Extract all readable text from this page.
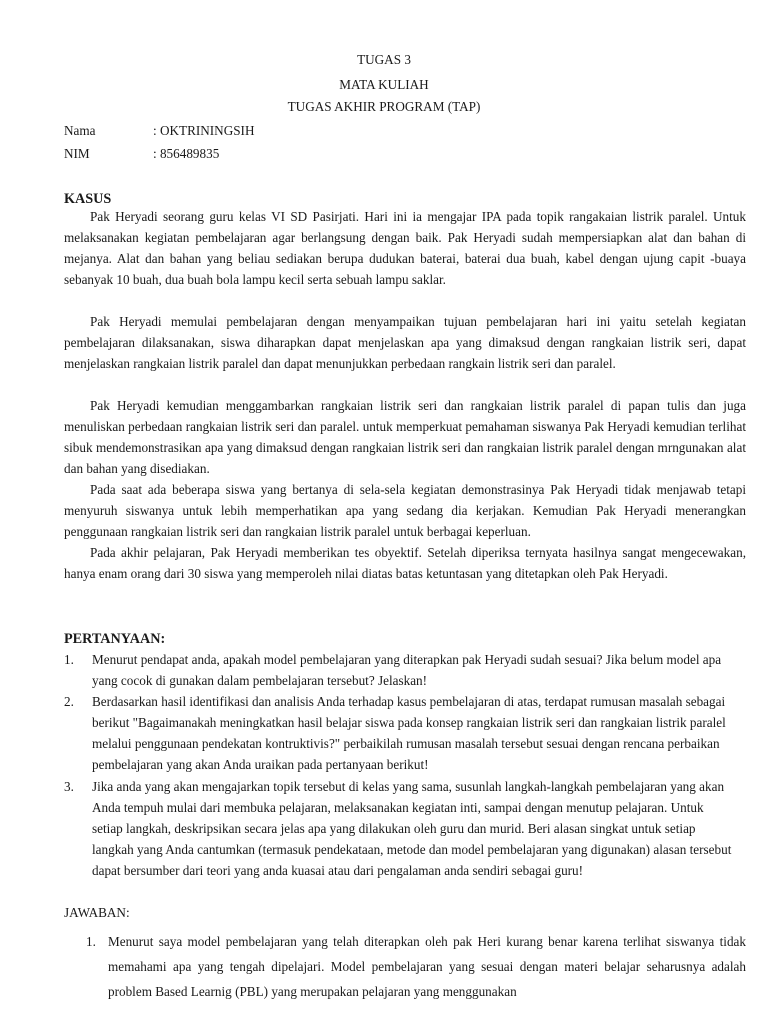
TUGAS 3
MATA KULIAH
TUGAS AKHIR PROGRAM (TAP)
Nama	: OKTRININGSIH
NIM	: 856489835
KASUS

Pak Heryadi seorang guru kelas VI SD Pasirjati. Hari ini ia mengajar IPA pada topik rangakaian listrik paralel. Untuk melaksanakan kegiatan pembelajaran agar berlangsung dengan baik. Pak Heryadi sudah mempersiapkan alat dan bahan di mejanya. Alat dan bahan yang beliau sediakan berupa dudukan baterai, baterai dua buah, kabel dengan ujung capit -buaya sebanyak 10 buah, dua buah bola lampu kecil serta sebuah lampu saklar.

Pak Heryadi memulai pembelajaran dengan menyampaikan tujuan pembelajaran hari ini yaitu setelah kegiatan pembelajaran dilaksanakan, siswa diharapkan dapat menjelaskan apa yang dimaksud dengan rangkaian listrik seri, dapat menjelaskan rangkaian listrik paralel dan dapat menunjukkan perbedaan rangkain listrik seri dan paralel.

Pak Heryadi kemudian menggambarkan rangkaian listrik seri dan rangkaian listrik paralel di papan tulis dan juga menuliskan perbedaan rangkaian listrik seri dan paralel. untuk memperkuat pemahaman siswanya Pak Heryadi kemudian terlihat sibuk mendemonstrasikan apa yang dimaksud dengan rangkaian listrik seri dan rangkaian listrik paralel dengan mrngunakan alat dan bahan yang disediakan.

Pada saat ada beberapa siswa yang bertanya di sela-sela kegiatan demonstrasinya Pak Heryadi tidak menjawab tetapi menyuruh siswanya untuk lebih memperhatikan apa yang sedang dia kerjakan. Kemudian Pak Heryadi menerangkan penggunaan rangkaian listrik seri dan rangkaian listrik paralel untuk berbagai keperluan.

Pada akhir pelajaran, Pak Heryadi memberikan tes obyektif. Setelah diperiksa ternyata hasilnya sangat mengecewakan, hanya enam orang dari 30 siswa yang memperoleh nilai diatas batas ketuntasan yang ditetapkan oleh Pak Heryadi.

PERTANYAAN:
1. Menurut pendapat anda, apakah model pembelajaran yang diterapkan pak Heryadi sudah sesuai? Jika belum model apa yang cocok di gunakan dalam pembelajaran tersebut? Jelaskan!
2. Berdasarkan hasil identifikasi dan analisis Anda terhadap kasus pembelajaran di atas, terdapat rumusan masalah sebagai berikut "Bagaimanakah meningkatkan hasil belajar siswa pada konsep rangkaian listrik seri dan rangkaian listrik paralel melalui penggunaan pendekatan kontruktivis?" perbaikilah rumusan masalah tersebut sesuai dengan rencana perbaikan pembelajaran yang akan Anda uraikan pada pertanyaan berikut!
3. Jika anda yang akan mengajarkan topik tersebut di kelas yang sama, susunlah langkah-langkah pembelajaran yang akan Anda tempuh mulai dari membuka pelajaran, melaksanakan kegiatan inti, sampai dengan menutup pelajaran. Untuk setiap langkah, deskripsikan secara jelas apa yang dilakukan oleh guru dan murid. Beri alasan singkat untuk setiap langkah yang Anda cantumkan (termasuk pendekataan, metode dan model pembelajaran yang digunakan) alasan tersebut dapat bersumber dari teori yang anda kuasai atau dari pengalaman anda sendiri sebagai guru!
JAWABAN:
1. Menurut saya model pembelajaran yang telah diterapkan oleh pak Heri kurang benar karena terlihat siswanya tidak memahami apa yang tengah dipelajari. Model pembelajaran yang sesuai dengan materi belajar seharusnya adalah problem Based Learnig (PBL) yang merupakan pelajaran yang menggunakan
